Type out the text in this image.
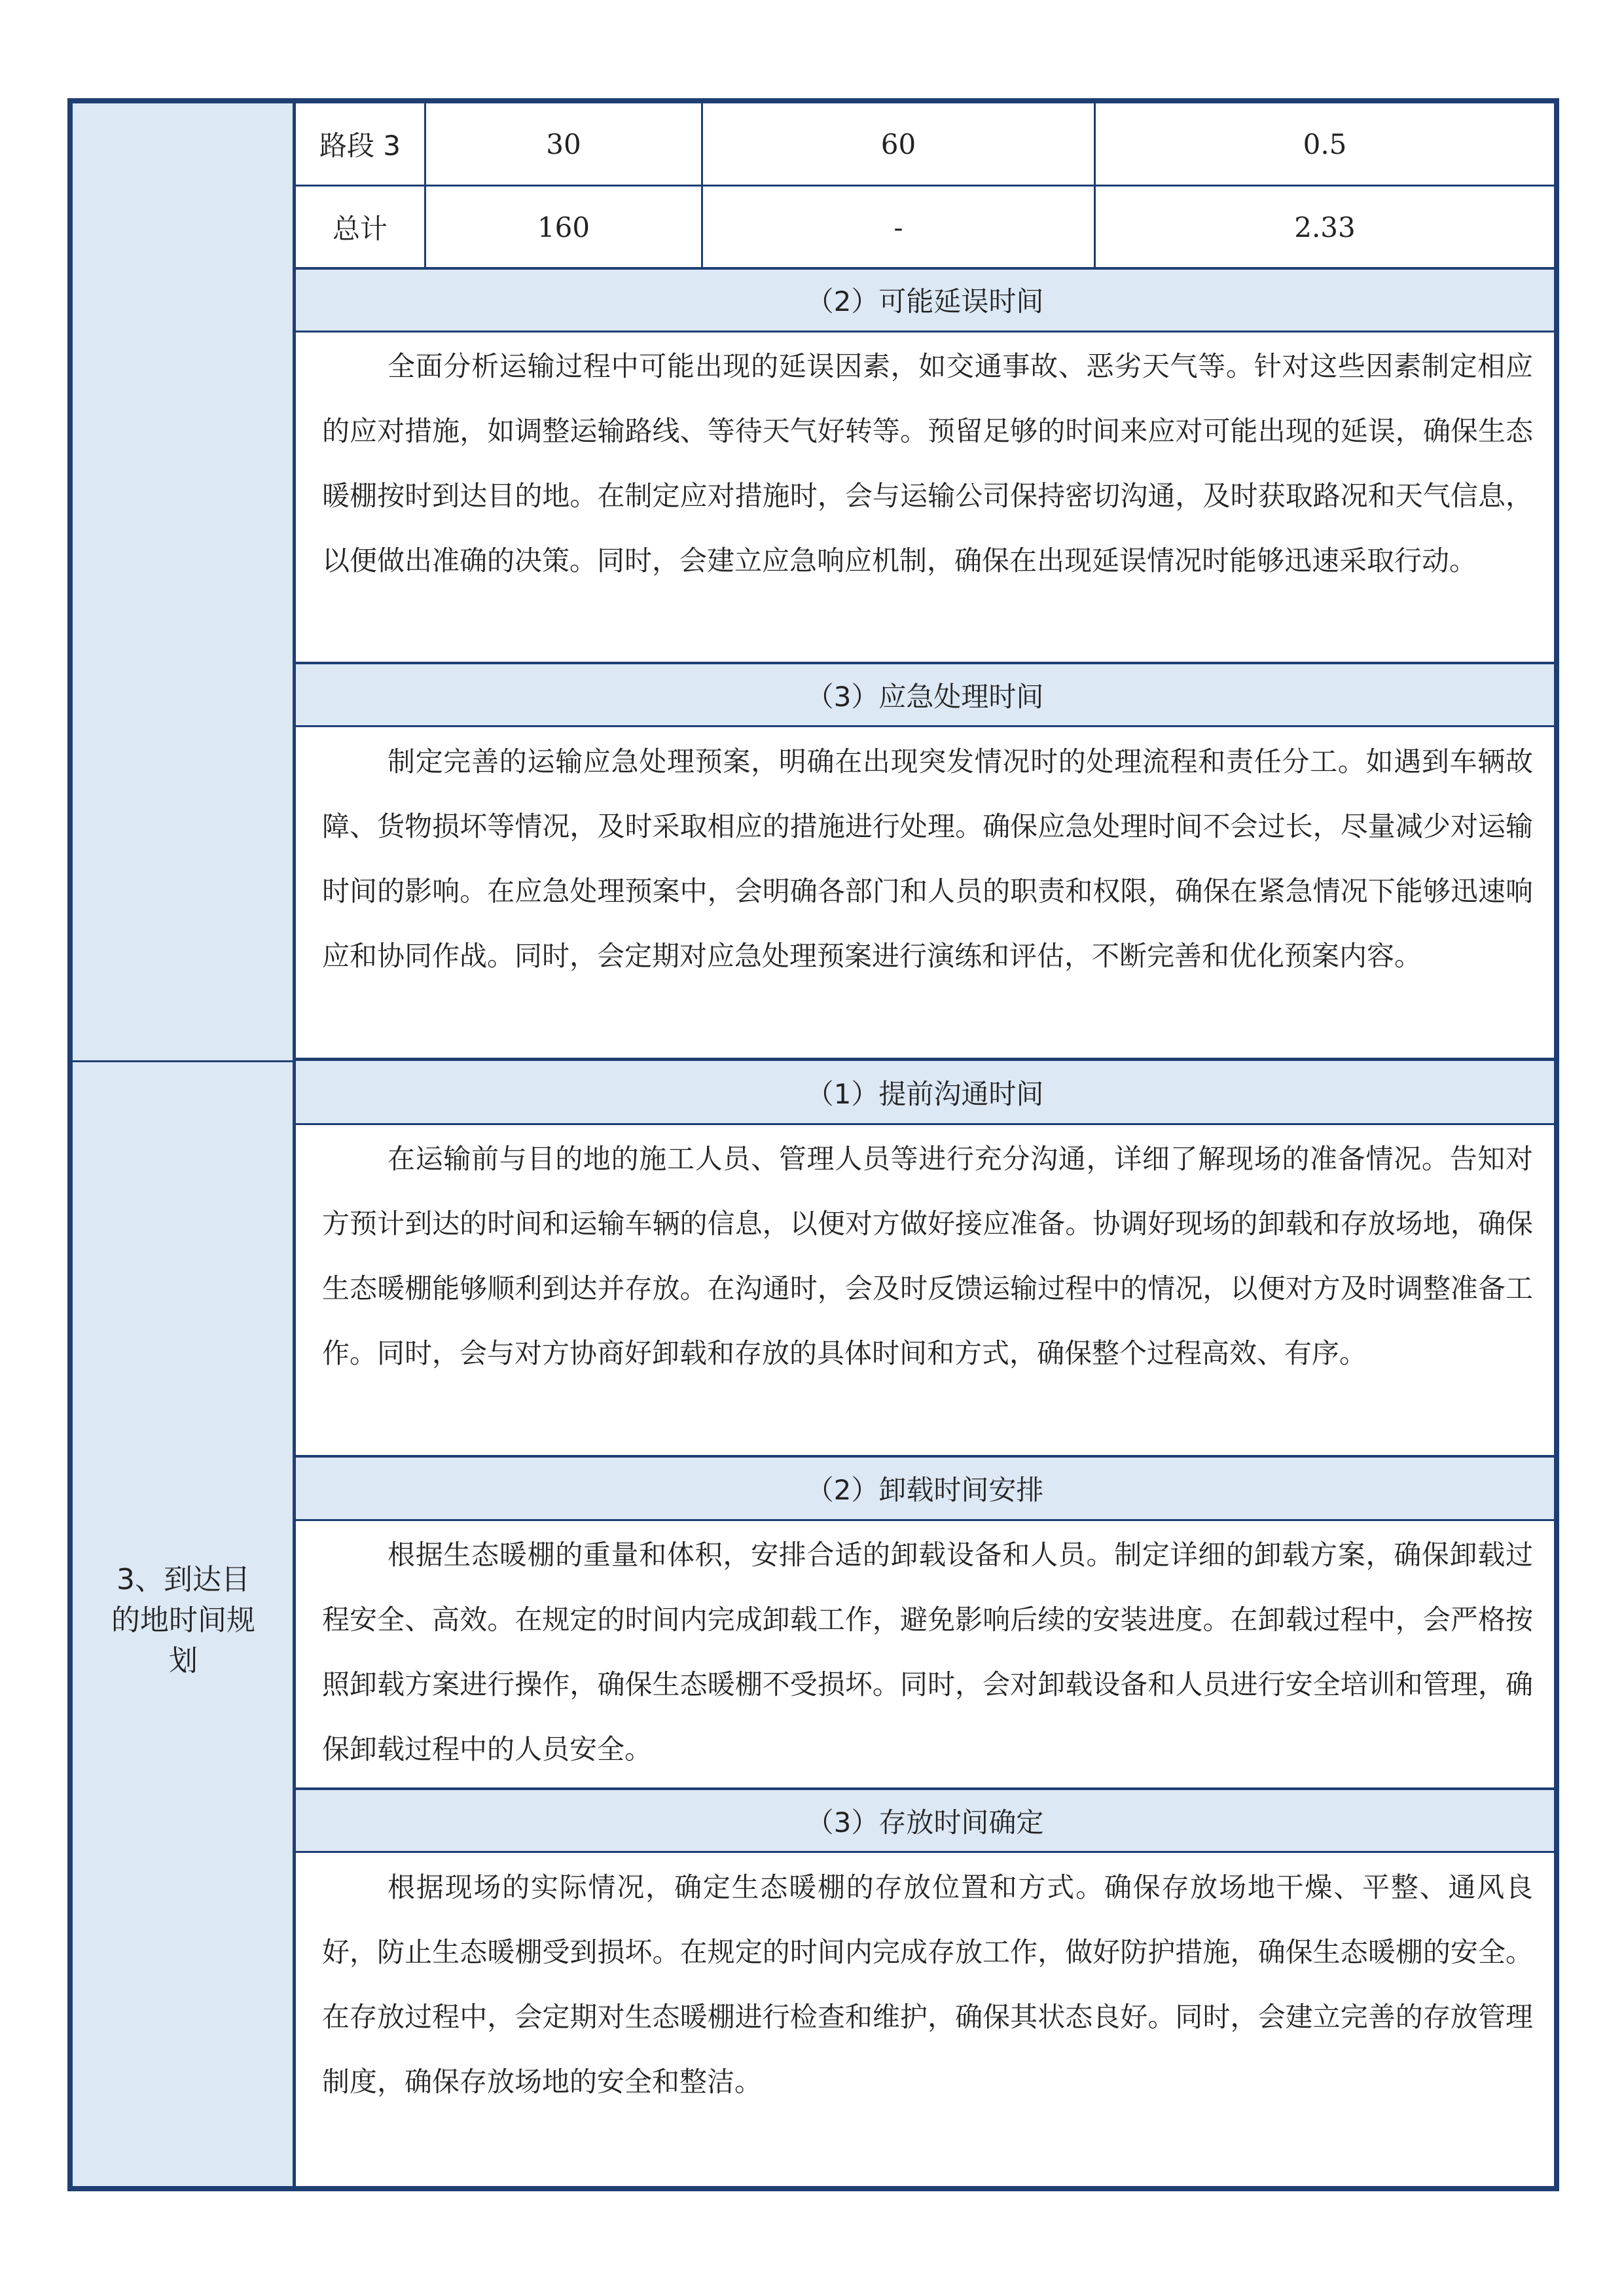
3、到达目
的地时间规
划
（2）可能延误时间
（3）应急处理时间
（1）提前沟通时间
（2）卸载时间安排
（3）存放时间确定
路段 3	30	60	0.5
总计	160	-	2.33

全面分析运输过程中可能出现的延误因素，如交通事故、恶劣天气等。针对这些因素制定相应的应对措施，如调整运输路线、等待天气好转等。预留足够的时间来应对可能出现的延误，确保生态暖棚按时到达目的地。在制定应对措施时，会与运输公司保持密切沟通，及时获取路况和天气信息，以便做出准确的决策。同时，会建立应急响应机制，确保在出现延误情况时能够迅速采取行动。

制定完善的运输应急处理预案，明确在出现突发情况时的处理流程和责任分工。如遇到车辆故障、货物损坏等情况，及时采取相应的措施进行处理。确保应急处理时间不会过长，尽量减少对运输时间的影响。在应急处理预案中，会明确各部门和人员的职责和权限，确保在紧急情况下能够迅速响应和协同作战。同时，会定期对应急处理预案进行演练和评估，不断完善和优化预案内容。

在运输前与目的地的施工人员、管理人员等进行充分沟通，详细了解现场的准备情况。告知对方预计到达的时间和运输车辆的信息，以便对方做好接应准备。协调好现场的卸载和存放场地，确保生态暖棚能够顺利到达并存放。在沟通时，会及时反馈运输过程中的情况，以便对方及时调整准备工作。同时，会与对方协商好卸载和存放的具体时间和方式，确保整个过程高效、有序。

根据生态暖棚的重量和体积，安排合适的卸载设备和人员。制定详细的卸载方案，确保卸载过程安全、高效。在规定的时间内完成卸载工作，避免影响后续的安装进度。在卸载过程中，会严格按照卸载方案进行操作，确保生态暖棚不受损坏。同时，会对卸载设备和人员进行安全培训和管理，确保卸载过程中的人员安全。

根据现场的实际情况，确定生态暖棚的存放位置和方式。确保存放场地干燥、平整、通风良好，防止生态暖棚受到损坏。在规定的时间内完成存放工作，做好防护措施，确保生态暖棚的安全。在存放过程中，会定期对生态暖棚进行检查和维护，确保其状态良好。同时，会建立完善的存放管理制度，确保存放场地的安全和整洁。
